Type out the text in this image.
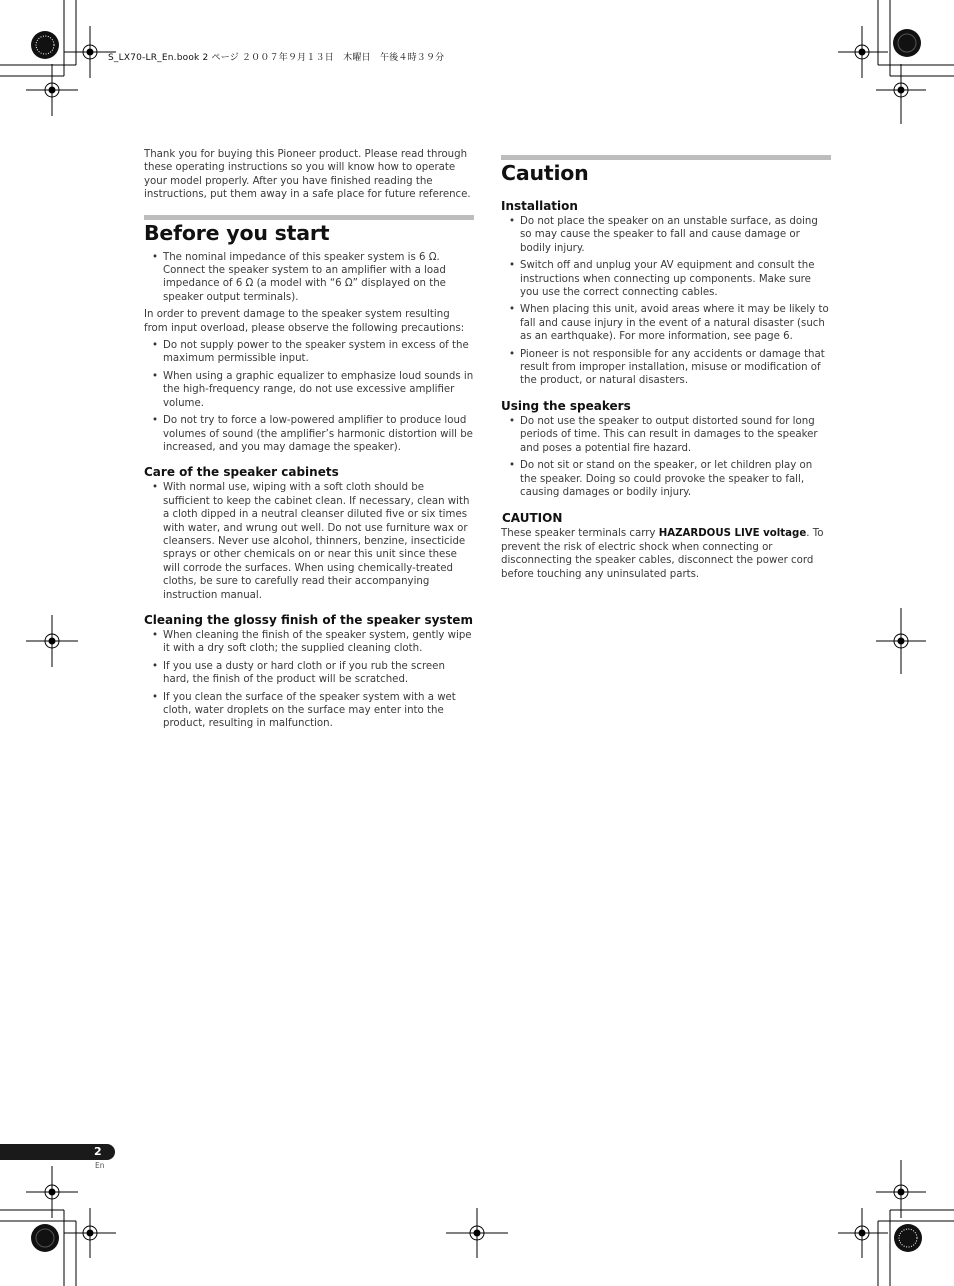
S_LX70-LR_En.book 2 ページ ２００７年９月１３日　木曜日　午後４時３９分

Thank you for buying this Pioneer product. Please read through these operating instructions so you will know how to operate your model properly. After you have finished reading the instructions, put them away in a safe place for future reference.

Before you start
• The nominal impedance of this speaker system is 6 Ω. Connect the speaker system to an amplifier with a load impedance of 6 Ω (a model with “6 Ω” displayed on the speaker output terminals).

In order to prevent damage to the speaker system resulting from input overload, please observe the following precautions:

• Do not supply power to the speaker system in excess of the maximum permissible input.
• When using a graphic equalizer to emphasize loud sounds in the high-frequency range, do not use excessive amplifier volume.
• Do not try to force a low-powered amplifier to produce loud volumes of sound (the amplifier’s harmonic distortion will be increased, and you may damage the speaker).
Care of the speaker cabinets
• With normal use, wiping with a soft cloth should be sufficient to keep the cabinet clean. If necessary, clean with a cloth dipped in a neutral cleanser diluted five or six times with water, and wrung out well. Do not use furniture wax or cleansers. Never use alcohol, thinners, benzine, insecticide sprays or other chemicals on or near this unit since these will corrode the surfaces. When using chemically-treated cloths, be sure to carefully read their accompanying instruction manual.
Cleaning the glossy finish of the speaker system
• When cleaning the finish of the speaker system, gently wipe it with a dry soft cloth; the supplied cleaning cloth.
• If you use a dusty or hard cloth or if you rub the screen hard, the finish of the product will be scratched.
• If you clean the surface of the speaker system with a wet cloth, water droplets on the surface may enter into the product, resulting in malfunction.
Caution
Installation
• Do not place the speaker on an unstable surface, as doing so may cause the speaker to fall and cause damage or bodily injury.
• Switch off and unplug your AV equipment and consult the instructions when connecting up components. Make sure you use the correct connecting cables.
• When placing this unit, avoid areas where it may be likely to fall and cause injury in the event of a natural disaster (such as an earthquake). For more information, see page 6.
• Pioneer is not responsible for any accidents or damage that result from improper installation, misuse or modification of the product, or natural disasters.
Using the speakers
• Do not use the speaker to output distorted sound for long periods of time. This can result in damages to the speaker and poses a potential fire hazard.
• Do not sit or stand on the speaker, or let children play on the speaker. Doing so could provoke the speaker to fall, causing damages or bodily injury.
CAUTION

These speaker terminals carry HAZARDOUS LIVE voltage. To prevent the risk of electric shock when connecting or disconnecting the speaker cables, disconnect the power cord before touching any uninsulated parts.

2
En
